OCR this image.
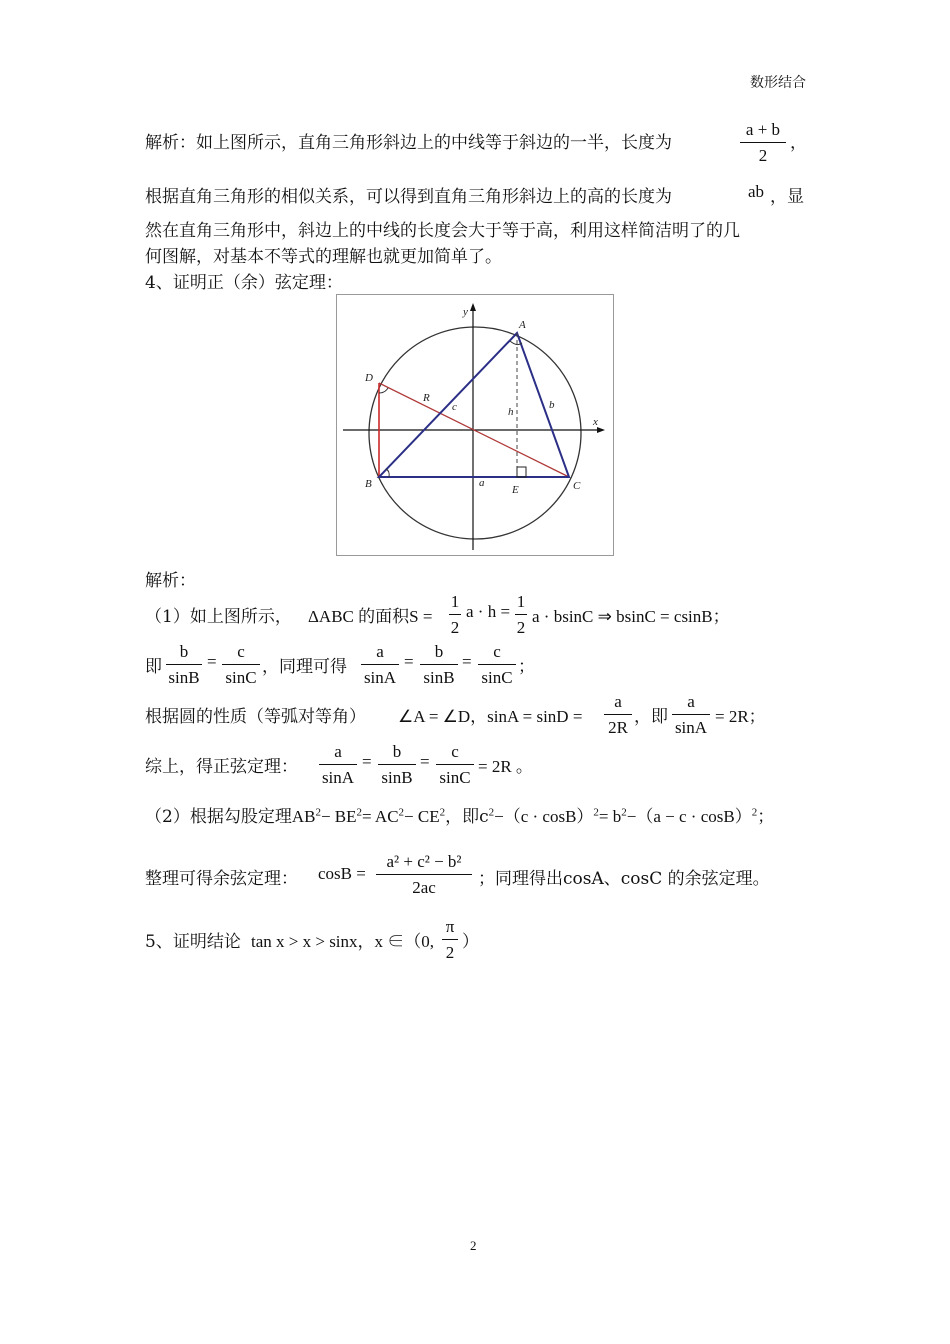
数形结合
解析：如上图所示，直角三角形斜边上的中线等于斜边的一半，长度为
a + b
2
，
根据直角三角形的相似关系，可以得到直角三角形斜边上的高的长度为	ab ，显
然在直角三角形中，斜边上的中线的长度会大于等于高，利用这样简洁明了的几
何图解，对基本不等式的理解也就更加简单了。
4、证明正（余）弦定理：
y
x
A
B	C
D
E
R
c	h
b
a
解析：
（1）如上图所示， ΔABC 的面积S =
1
2
a · h =
1
2
a · bsinC ⇒ bsinC = csinB；
即
b
sinB
=
c
sinC
，同理可得
a
sinA
=
b
sinB
=
c
sinC
；
根据圆的性质（等弧对等角） ∠A = ∠D，sinA = sinD =
a
2R
，即
a
sinA
= 2R；
综上，得正弦定理：
a
sinA
=
b
sinB
=
c
sinC
= 2R 。
（2）根据勾股定理$AB^2- BE^2= AC^2- CE^2$，即$c^2-(c \cdot \cos B)^2= b^2-(a - c \cdot \cos B)^2$；
整理可得余弦定理： cosB =
a² + c² − b²
2ac	；同理得出cosA、cosC 的余弦定理。
5、证明结论 tan x > x > sinx，x ∈（0,
π
2
）
2
